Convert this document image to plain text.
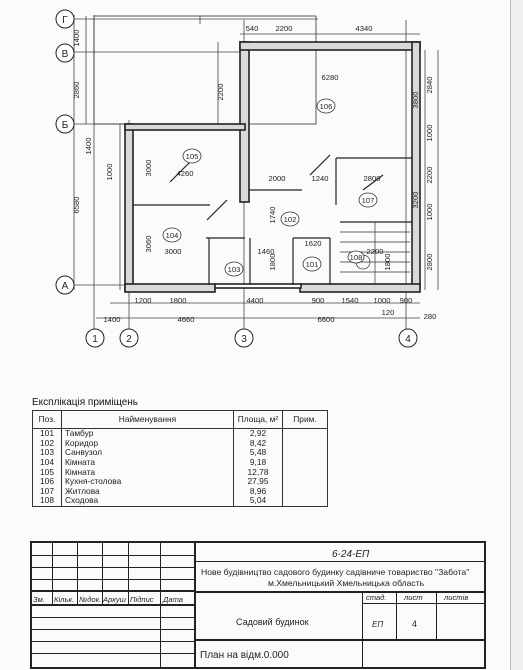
Г
В
Б
А
1	2	3	4
540 2200	4340
6280
4260
2000	1240	2800
3000	1460
1620
2200
1200 1800	4400	900 1540 1000 900
1400	4660	6600
120	280
1400
2860
1400
6580
1000	3000
3060
2200
1740
1800	1800
2840
3800
1000
2200
1000
3200
2800
105
106
104
102
107
103
101
108
Експлікація приміщень
Поз.	Найменування	Площа, м²	Прим.
101	Тамбур	2,92	
102	Коридор	8,42	
103	Санвузол	5,48	
104	Кімната	9,18	
105	Кімната	12,78	
106	Кухня-столова	27,95	
107	Житлова	8,96	
108	Сходова	5,04	
Зм. Кільк. №док. Аркуш Підпис Дата
6-24-ЕП
Нове будівництво садового будинку садівниче товариство "Забота"
м.Хмельницький Хмельницька область
Садовий будинок
План на відм.0.000
стад. лист	листів
ЕП	4
